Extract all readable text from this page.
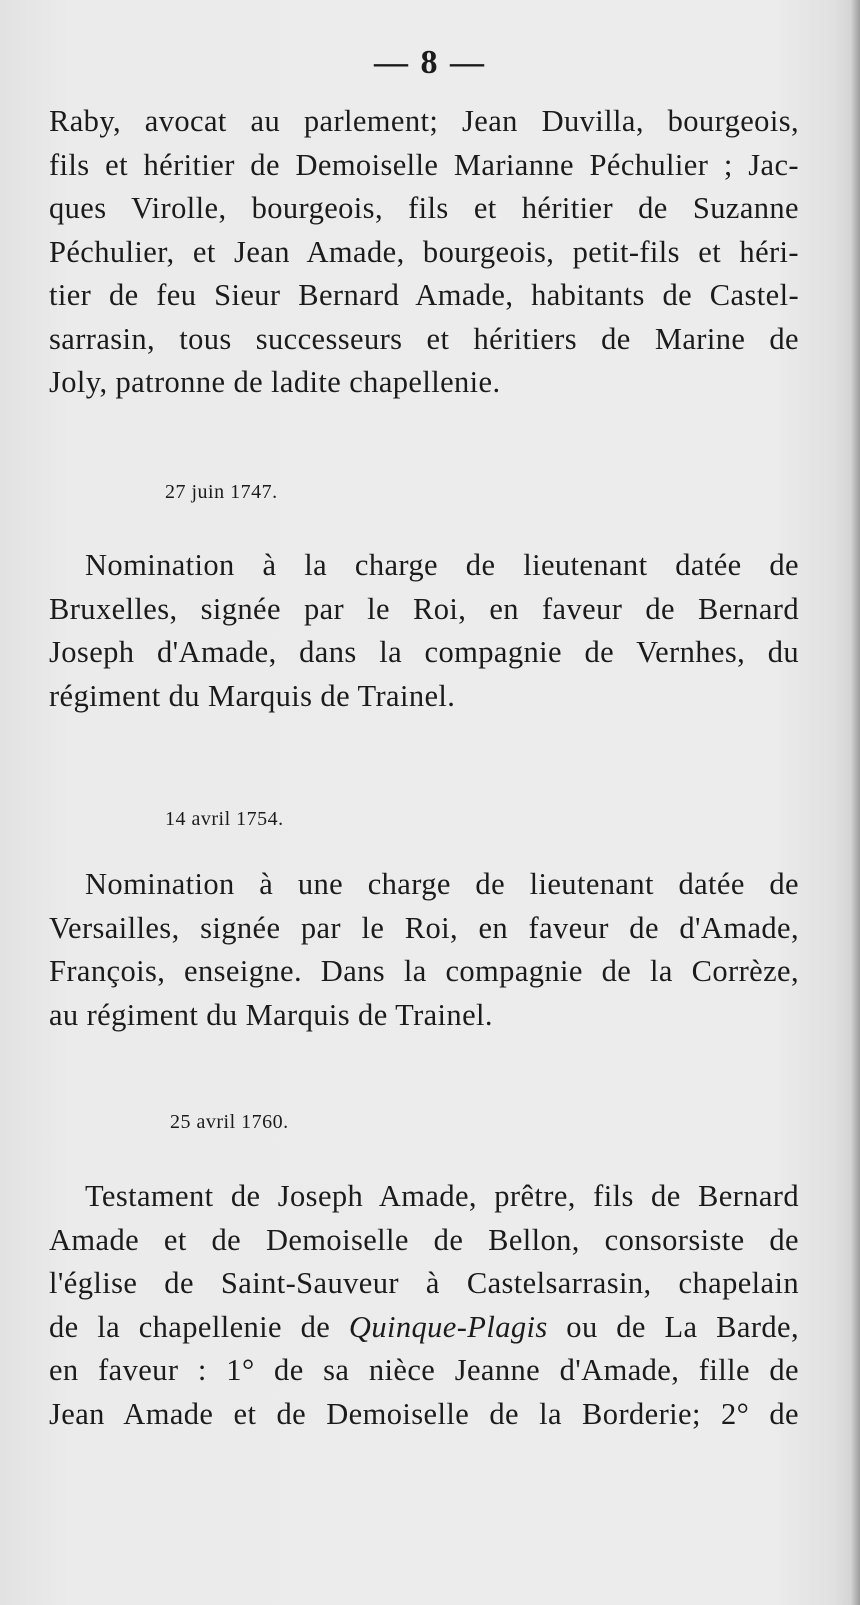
— 8 —
Raby, avocat au parlement; Jean Duvilla, bourgeois,
fils et héritier de Demoiselle Marianne Péchulier ; Jac-
ques Virolle, bourgeois, fils et héritier de Suzanne
Péchulier, et Jean Amade, bourgeois, petit-fils et héri-
tier de feu Sieur Bernard Amade, habitants de Castel-
sarrasin, tous successeurs et héritiers de Marine de
Joly, patronne de ladite chapellenie.
27 juin 1747.
Nomination à la charge de lieutenant datée de
Bruxelles, signée par le Roi, en faveur de Bernard
Joseph d'Amade, dans la compagnie de Vernhes, du
régiment du Marquis de Trainel.
14 avril 1754.
Nomination à une charge de lieutenant datée de
Versailles, signée par le Roi, en faveur de d'Amade,
François, enseigne. Dans la compagnie de la Corrèze,
au régiment du Marquis de Trainel.
25 avril 1760.
Testament de Joseph Amade, prêtre, fils de Bernard
Amade et de Demoiselle de Bellon, consorsiste de
l'église de Saint-Sauveur à Castelsarrasin, chapelain
de la chapellenie de Quinque-Plagis ou de La Barde,
en faveur : 1° de sa nièce Jeanne d'Amade, fille de
Jean Amade et de Demoiselle de la Borderie; 2° de
